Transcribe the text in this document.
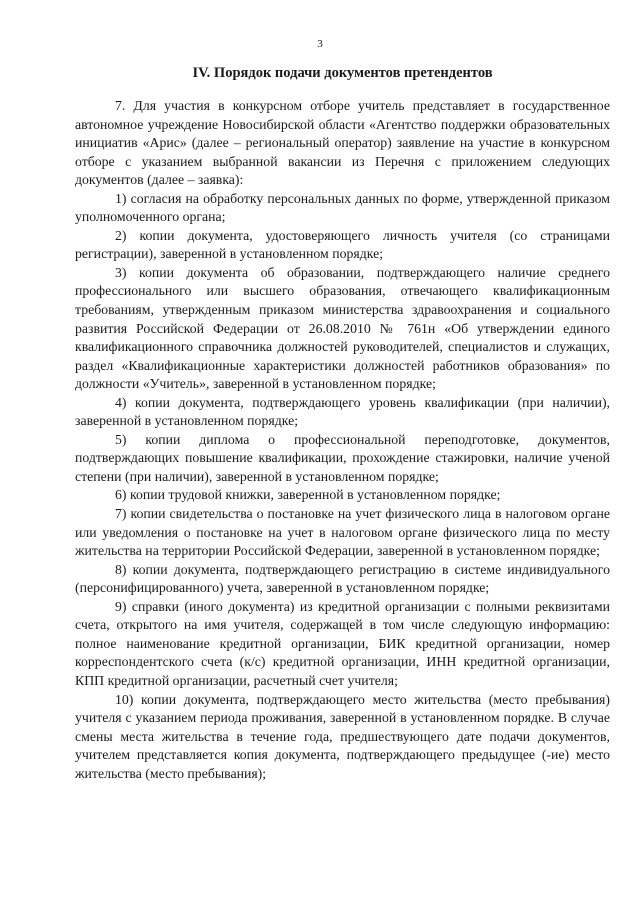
3
IV. Порядок подачи документов претендентов

7. Для участия в конкурсном отборе учитель представляет в государственное автономное учреждение Новосибирской области «Агентство поддержки образовательных инициатив «Арис» (далее – региональный оператор) заявление на участие в конкурсном отборе с указанием выбранной вакансии из Перечня с приложением следующих документов (далее – заявка):

1) согласия на обработку персональных данных по форме, утвержденной приказом уполномоченного органа;

2) копии документа, удостоверяющего личность учителя (со страницами регистрации), заверенной в установленном порядке;

3) копии документа об образовании, подтверждающего наличие среднего профессионального или высшего образования, отвечающего квалификационным требованиям, утвержденным приказом министерства здравоохранения и социального развития Российской Федерации от 26.08.2010 № 761н «Об утверждении единого квалификационного справочника должностей руководителей, специалистов и служащих, раздел «Квалификационные характеристики должностей работников образования» по должности «Учитель», заверенной в установленном порядке;

4) копии документа, подтверждающего уровень квалификации (при наличии), заверенной в установленном порядке;

5) копии диплома о профессиональной переподготовке, документов, подтверждающих повышение квалификации, прохождение стажировки, наличие ученой степени (при наличии), заверенной в установленном порядке;

6) копии трудовой книжки, заверенной в установленном порядке;

7) копии свидетельства о постановке на учет физического лица в налоговом органе или уведомления о постановке на учет в налоговом органе физического лица по месту жительства на территории Российской Федерации, заверенной в установленном порядке;

8) копии документа, подтверждающего регистрацию в системе индивидуального (персонифицированного) учета, заверенной в установленном порядке;

9) справки (иного документа) из кредитной организации с полными реквизитами счета, открытого на имя учителя, содержащей в том числе следующую информацию: полное наименование кредитной организации, БИК кредитной организации, номер корреспондентского счета (к/с) кредитной организации, ИНН кредитной организации, КПП кредитной организации, расчетный счет учителя;

10) копии документа, подтверждающего место жительства (место пребывания) учителя с указанием периода проживания, заверенной в установленном порядке. В случае смены места жительства в течение года, предшествующего дате подачи документов, учителем представляется копия документа, подтверждающего предыдущее (-ие) место жительства (место пребывания);
